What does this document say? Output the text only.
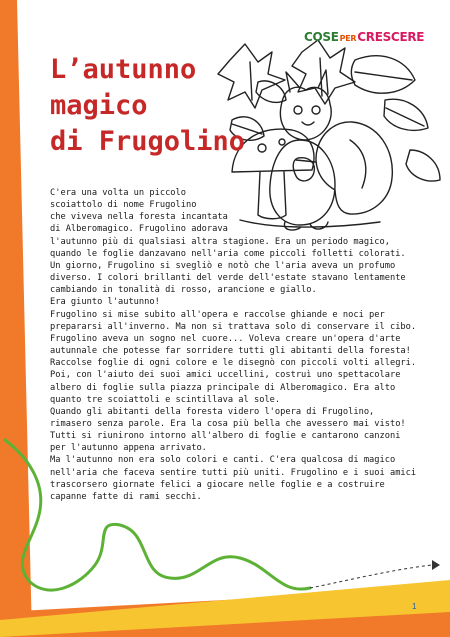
COSEPERCRESCERE
L’autunno
magico
di Frugolino
C'era una volta un piccolo
scoiattolo di nome Frugolino
che viveva nella foresta incantata
di Alberomagico. Frugolino adorava
l'autunno più di qualsiasi altra stagione. Era un periodo magico,
quando le foglie danzavano nell'aria come piccoli folletti colorati.
Un giorno, Frugolino si svegliò e notò che l'aria aveva un profumo
diverso. I colori brillanti del verde dell'estate stavano lentamente
cambiando in tonalità di rosso, arancione e giallo.
Era giunto l'autunno!
Frugolino si mise subito all'opera e raccolse ghiande e noci per
prepararsi all'inverno. Ma non si trattava solo di conservare il cibo.
Frugolino aveva un sogno nel cuore... Voleva creare un'opera d'arte
autunnale che potesse far sorridere tutti gli abitanti della foresta!
Raccolse foglie di ogni colore e le disegnò con piccoli volti allegri.
Poi, con l'aiuto dei suoi amici uccellini, costruì uno spettacolare
albero di foglie sulla piazza principale di Alberomagico. Era alto
quanto tre scoiattoli e scintillava al sole.
Quando gli abitanti della foresta videro l'opera di Frugolino,
rimasero senza parole. Era la cosa più bella che avessero mai visto!
Tutti si riunirono intorno all'albero di foglie e cantarono canzoni
per l'autunno appena arrivato.
Ma l'autunno non era solo colori e canti. C'era qualcosa di magico
nell'aria che faceva sentire tutti più uniti. Frugolino e i suoi amici
trascorsero giornate felici a giocare nelle foglie e a costruire
capanne fatte di rami secchi.
1
